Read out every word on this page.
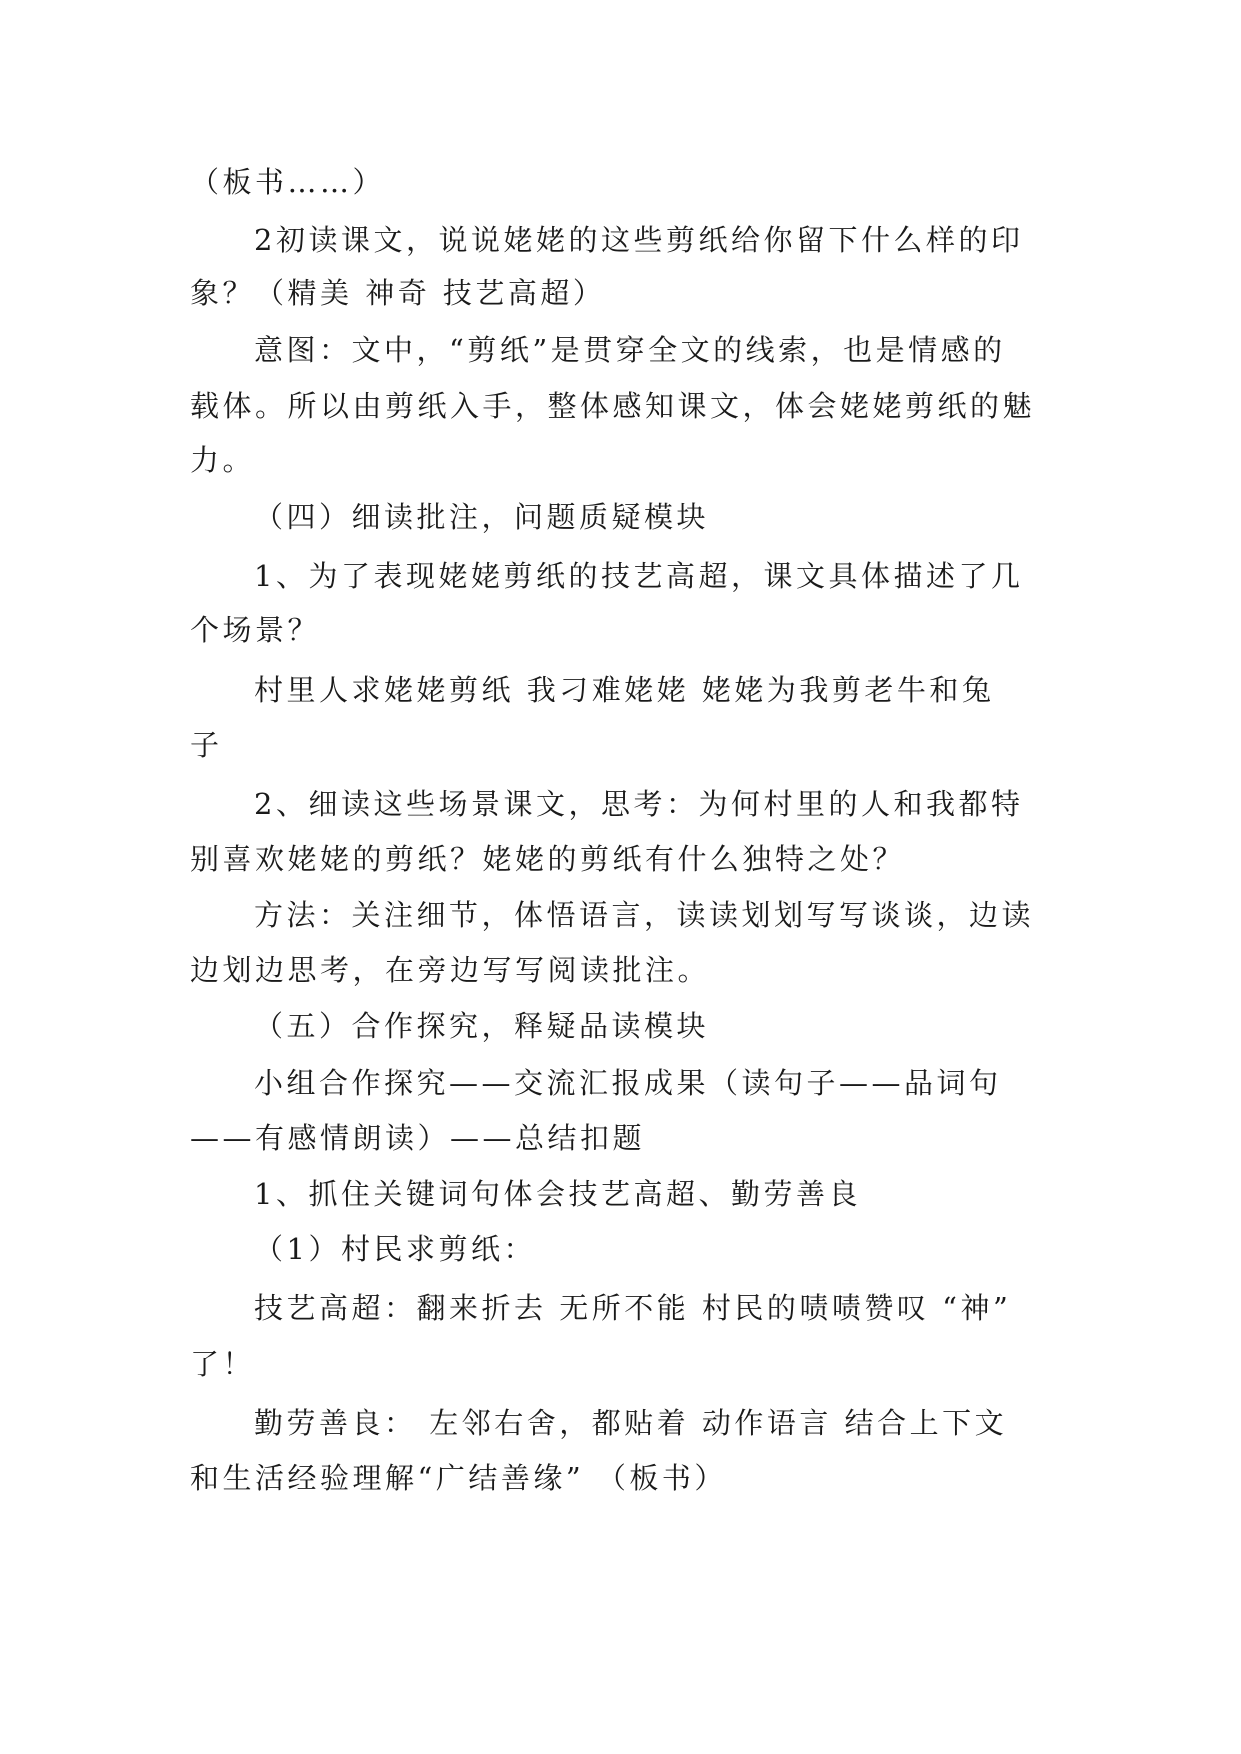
（板书……）
2初读课文，说说姥姥的这些剪纸给你留下什么样的印
象？（精美 神奇 技艺高超）
意图：文中，“剪纸”是贯穿全文的线索，也是情感的
载体。所以由剪纸入手，整体感知课文，体会姥姥剪纸的魅
力。
（四）细读批注，问题质疑模块
1、为了表现姥姥剪纸的技艺高超，课文具体描述了几
个场景？
村里人求姥姥剪纸 我刁难姥姥 姥姥为我剪老牛和兔
子
2、细读这些场景课文，思考：为何村里的人和我都特
别喜欢姥姥的剪纸？姥姥的剪纸有什么独特之处？
方法：关注细节，体悟语言，读读划划写写谈谈，边读
边划边思考，在旁边写写阅读批注。
（五）合作探究，释疑品读模块
小组合作探究——交流汇报成果（读句子——品词句
——有感情朗读）——总结扣题
1、抓住关键词句体会技艺高超、勤劳善良
（1）村民求剪纸：
技艺高超：翻来折去 无所不能 村民的啧啧赞叹 “神”
了！
勤劳善良： 左邻右舍，都贴着 动作语言 结合上下文
和生活经验理解“广结善缘” （板书）
